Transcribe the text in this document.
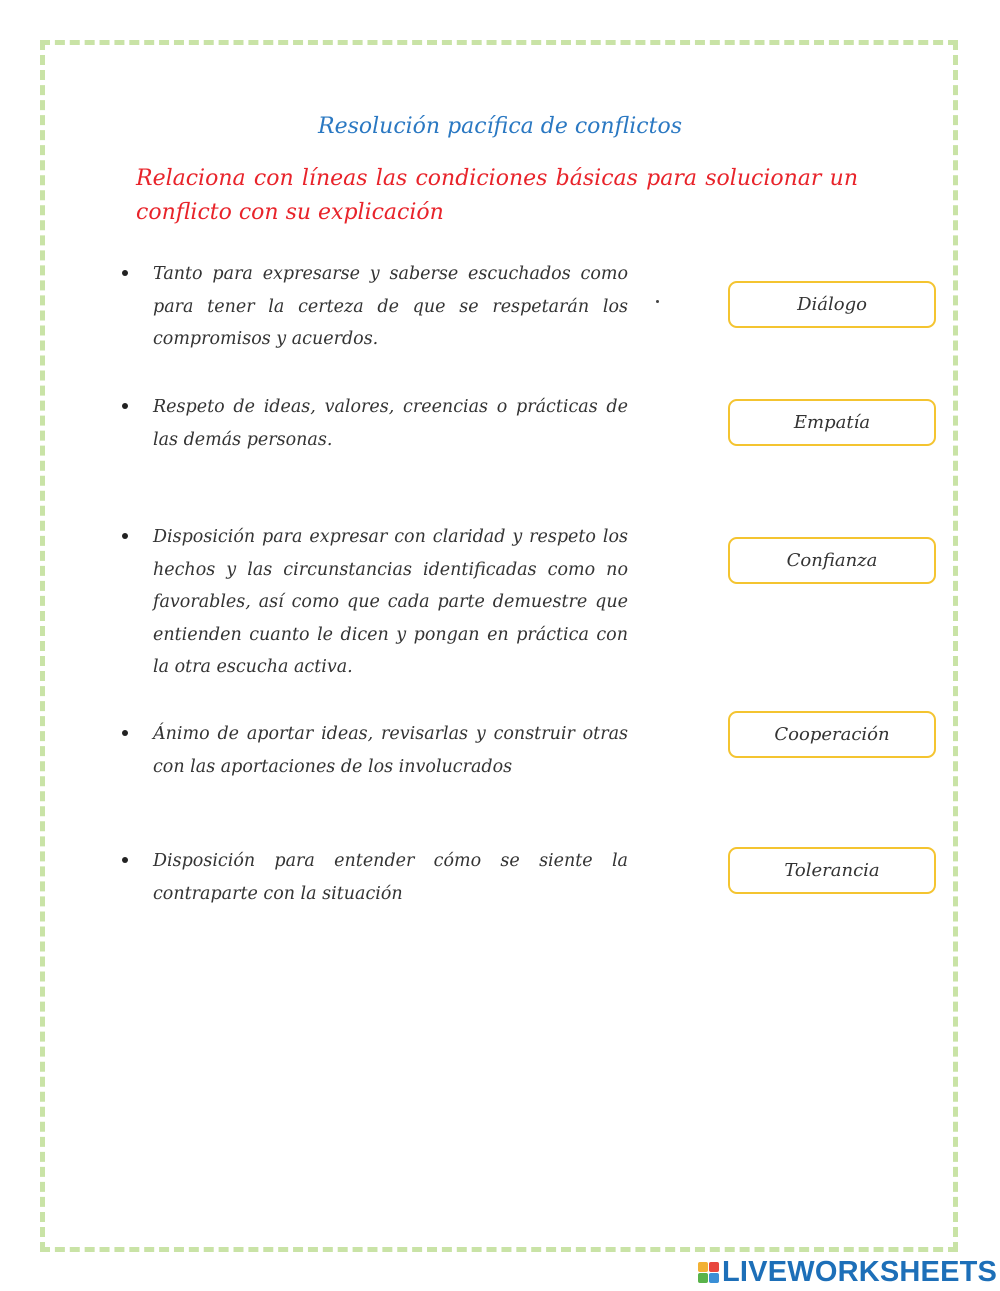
Resolución pacífica de conflictos

Relaciona con líneas las condiciones básicas para solucionar un conflicto con su explicación

Tanto para expresarse y saberse escuchados como para tener la certeza de que se respetarán los compromisos y acuerdos.
Respeto de ideas, valores, creencias o prácticas de las demás personas.
Disposición para expresar con claridad y respeto los hechos y las circunstancias identificadas como no favorables, así como que cada parte demuestre que entienden cuanto le dicen y pongan en práctica con la otra escucha activa.
Ánimo de aportar ideas, revisarlas y construir otras con las aportaciones de los involucrados
Disposición para entender cómo se siente la contraparte con la situación
Diálogo
Empatía
Confianza
Cooperación
Tolerancia
LIVEWORKSHEETS
